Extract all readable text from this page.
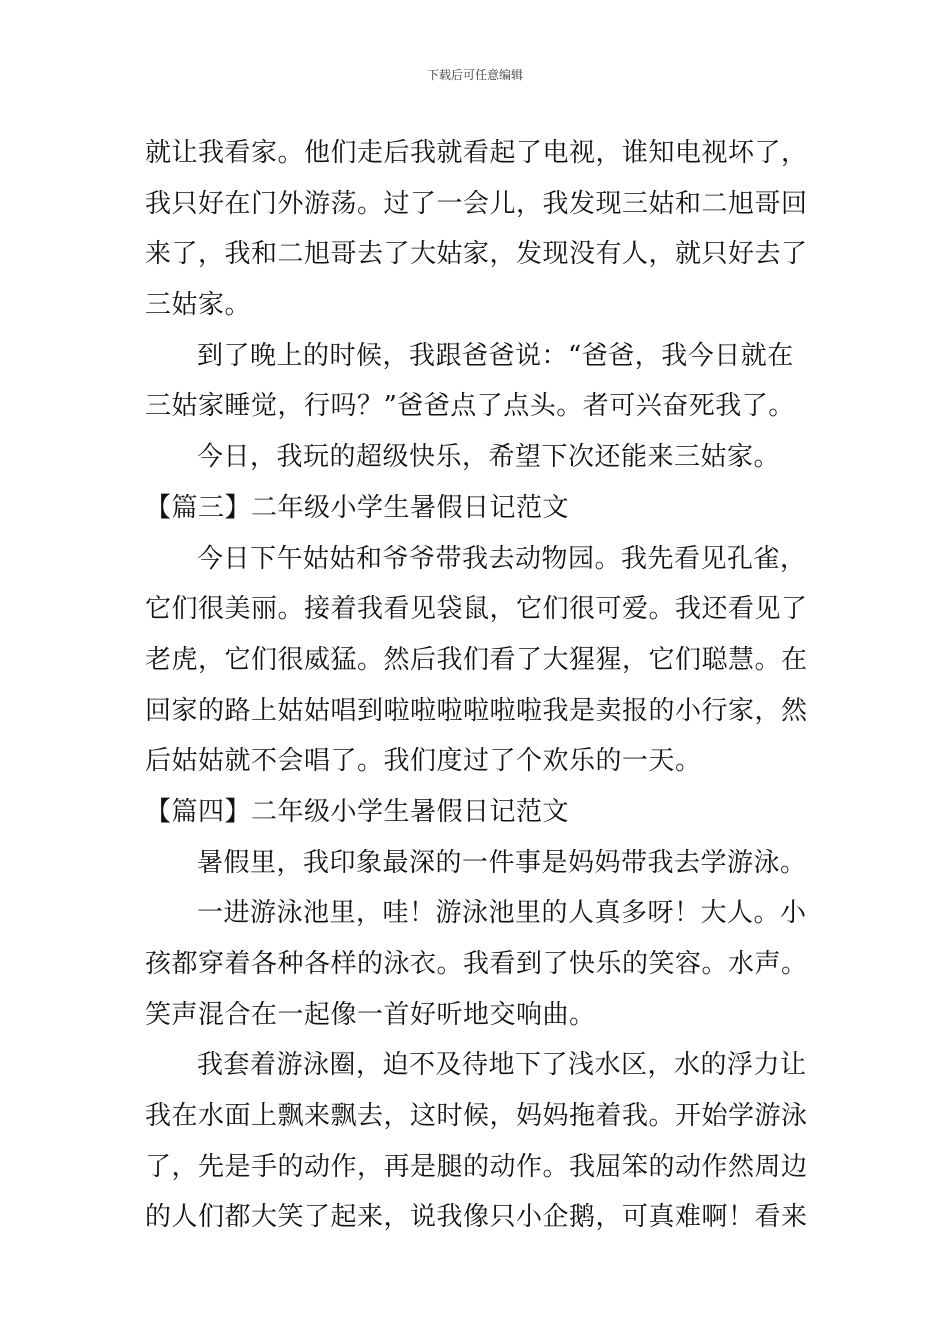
下载后可任意编辑
就让我看家。他们走后我就看起了电视，谁知电视坏了，
我只好在门外游荡。过了一会儿，我发现三姑和二旭哥回
来了，我和二旭哥去了大姑家，发现没有人，就只好去了
三姑家。
到了晚上的时候，我跟爸爸说：“爸爸，我今日就在
三姑家睡觉，行吗？”爸爸点了点头。者可兴奋死我了。
今日，我玩的超级快乐，希望下次还能来三姑家。
【篇三】二年级小学生暑假日记范文
今日下午姑姑和爷爷带我去动物园。我先看见孔雀，
它们很美丽。接着我看见袋鼠，它们很可爱。我还看见了
老虎，它们很威猛。然后我们看了大猩猩，它们聪慧。在
回家的路上姑姑唱到啦啦啦啦啦啦我是卖报的小行家，然
后姑姑就不会唱了。我们度过了个欢乐的一天。
【篇四】二年级小学生暑假日记范文
暑假里，我印象最深的一件事是妈妈带我去学游泳。
一进游泳池里，哇！游泳池里的人真多呀！大人。小
孩都穿着各种各样的泳衣。我看到了快乐的笑容。水声。
笑声混合在一起像一首好听地交响曲。
我套着游泳圈，迫不及待地下了浅水区，水的浮力让
我在水面上飘来飘去，这时候，妈妈拖着我。开始学游泳
了，先是手的动作，再是腿的动作。我屈笨的动作然周边
的人们都大笑了起来，说我像只小企鹅，可真难啊！看来
